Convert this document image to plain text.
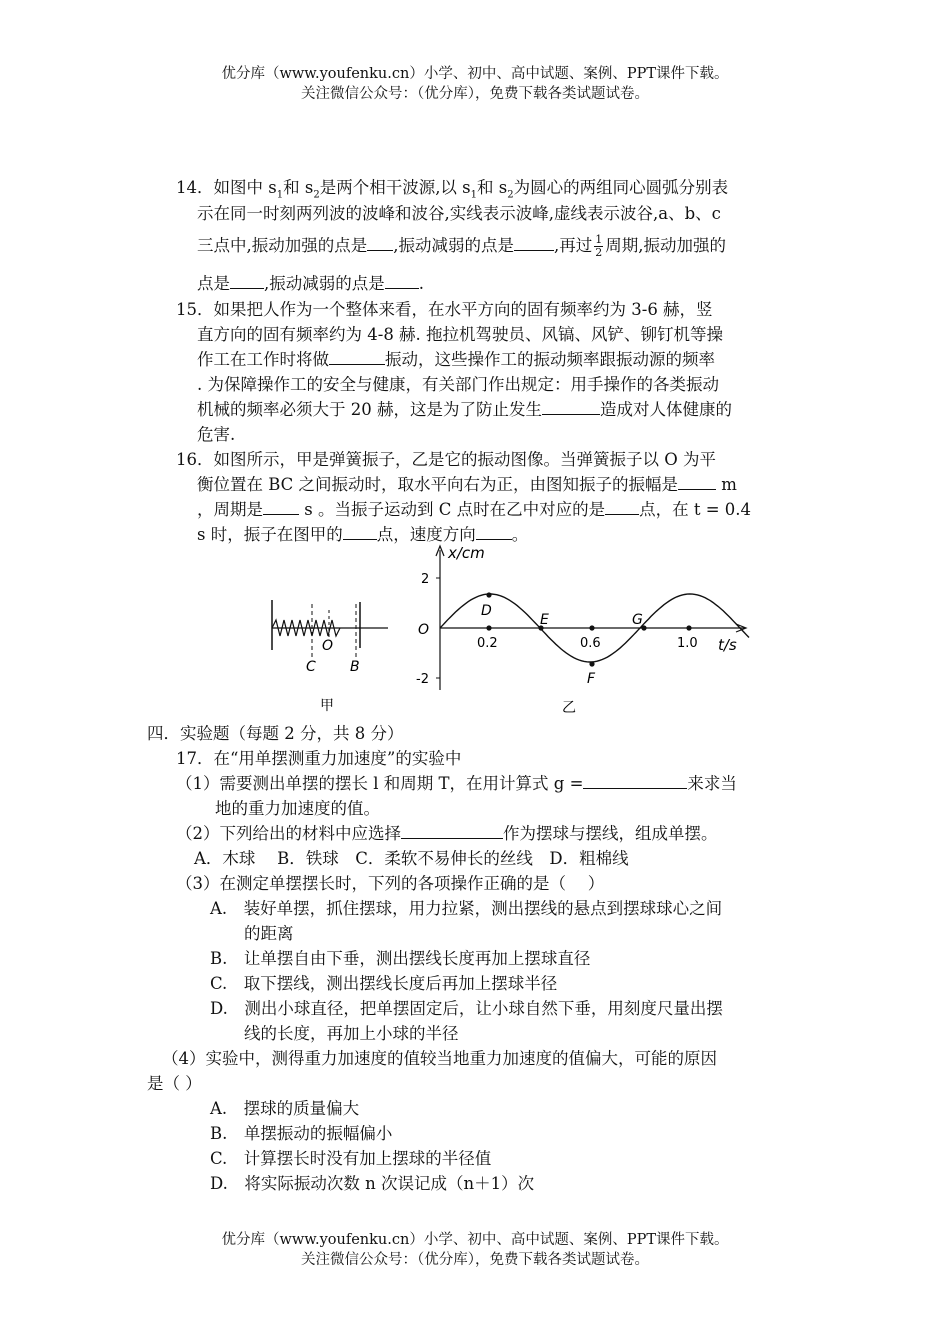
优分库（www.youfenku.cn）小学、初中、高中试题、案例、PPT课件下载。
关注微信公众号：（优分库），免费下载各类试题试卷。
14．如图中 $s_1$和 $s_2$是两个相干波源,以 $s_1$和 $s_2$为圆心的两组同心圆弧分别表
示在同一时刻两列波的波峰和波谷,实线表示波峰,虚线表示波谷,a、b、c
三点中,振动加强的点是 ,振动减弱的点是 ,再过 $\frac{1}{2}$ 周期,振动加强的
点是 ,振动减弱的点是 .
15．如果把人作为一个整体来看，在水平方向的固有频率约为 3-6 赫，竖
直方向的固有频率约为 4-8 赫. 拖拉机驾驶员、风镐、风铲、铆钉机等操
作工在工作时将做	振动，这些操作工的振动频率跟振动源的频率
. 为保障操作工的安全与健康，有关部门作出规定：用手操作的各类振动
机械的频率必须大于 20 赫，这是为了防止发生	造成对人体健康的
危害.
16．如图所示，甲是弹簧振子，乙是它的振动图像。当弹簧振子以 O 为平
衡位置在 BC 之间振动时，取水平向右为正，由图知振子的振幅是 m
，周期是 s 。当振子运动到 C 点时在乙中对应的是 点，在 t = 0.4
s 时，振子在图甲的 点，速度方向 。
O
C B
甲
x/cm
t/s
O
2
-2
0.2	0.6	1.0
D
E
F
G
乙
四．实验题（每题 2 分，共 8 分）
17．在“用单摆测重力加速度”的实验中
（1）需要测出单摆的摆长 l 和周期 T，在用计算式 g =	来求当
地的重力加速度的值。
（2）下列给出的材料中应选择	作为摆球与摆线，组成单摆。
A．木球　 B．铁球　C．柔软不易伸长的丝线　D．粗棉线
（3）在测定单摆摆长时，下列的各项操作正确的是（　 ）
A.　装好单摆，抓住摆球，用力拉紧，测出摆线的悬点到摆球球心之间
的距离
B.　让单摆自由下垂，测出摆线长度再加上摆球直径
C.　取下摆线，测出摆线长度后再加上摆球半径
D.　测出小球直径，把单摆固定后，让小球自然下垂，用刻度尺量出摆
线的长度，再加上小球的半径
（4）实验中，测得重力加速度的值较当地重力加速度的值偏大，可能的原因
是（ ）
A.　摆球的质量偏大
B.　单摆振动的振幅偏小
C.　计算摆长时没有加上摆球的半径值
D.　将实际振动次数 n 次误记成（n＋1）次
优分库（www.youfenku.cn）小学、初中、高中试题、案例、PPT课件下载。
关注微信公众号：（优分库），免费下载各类试题试卷。
